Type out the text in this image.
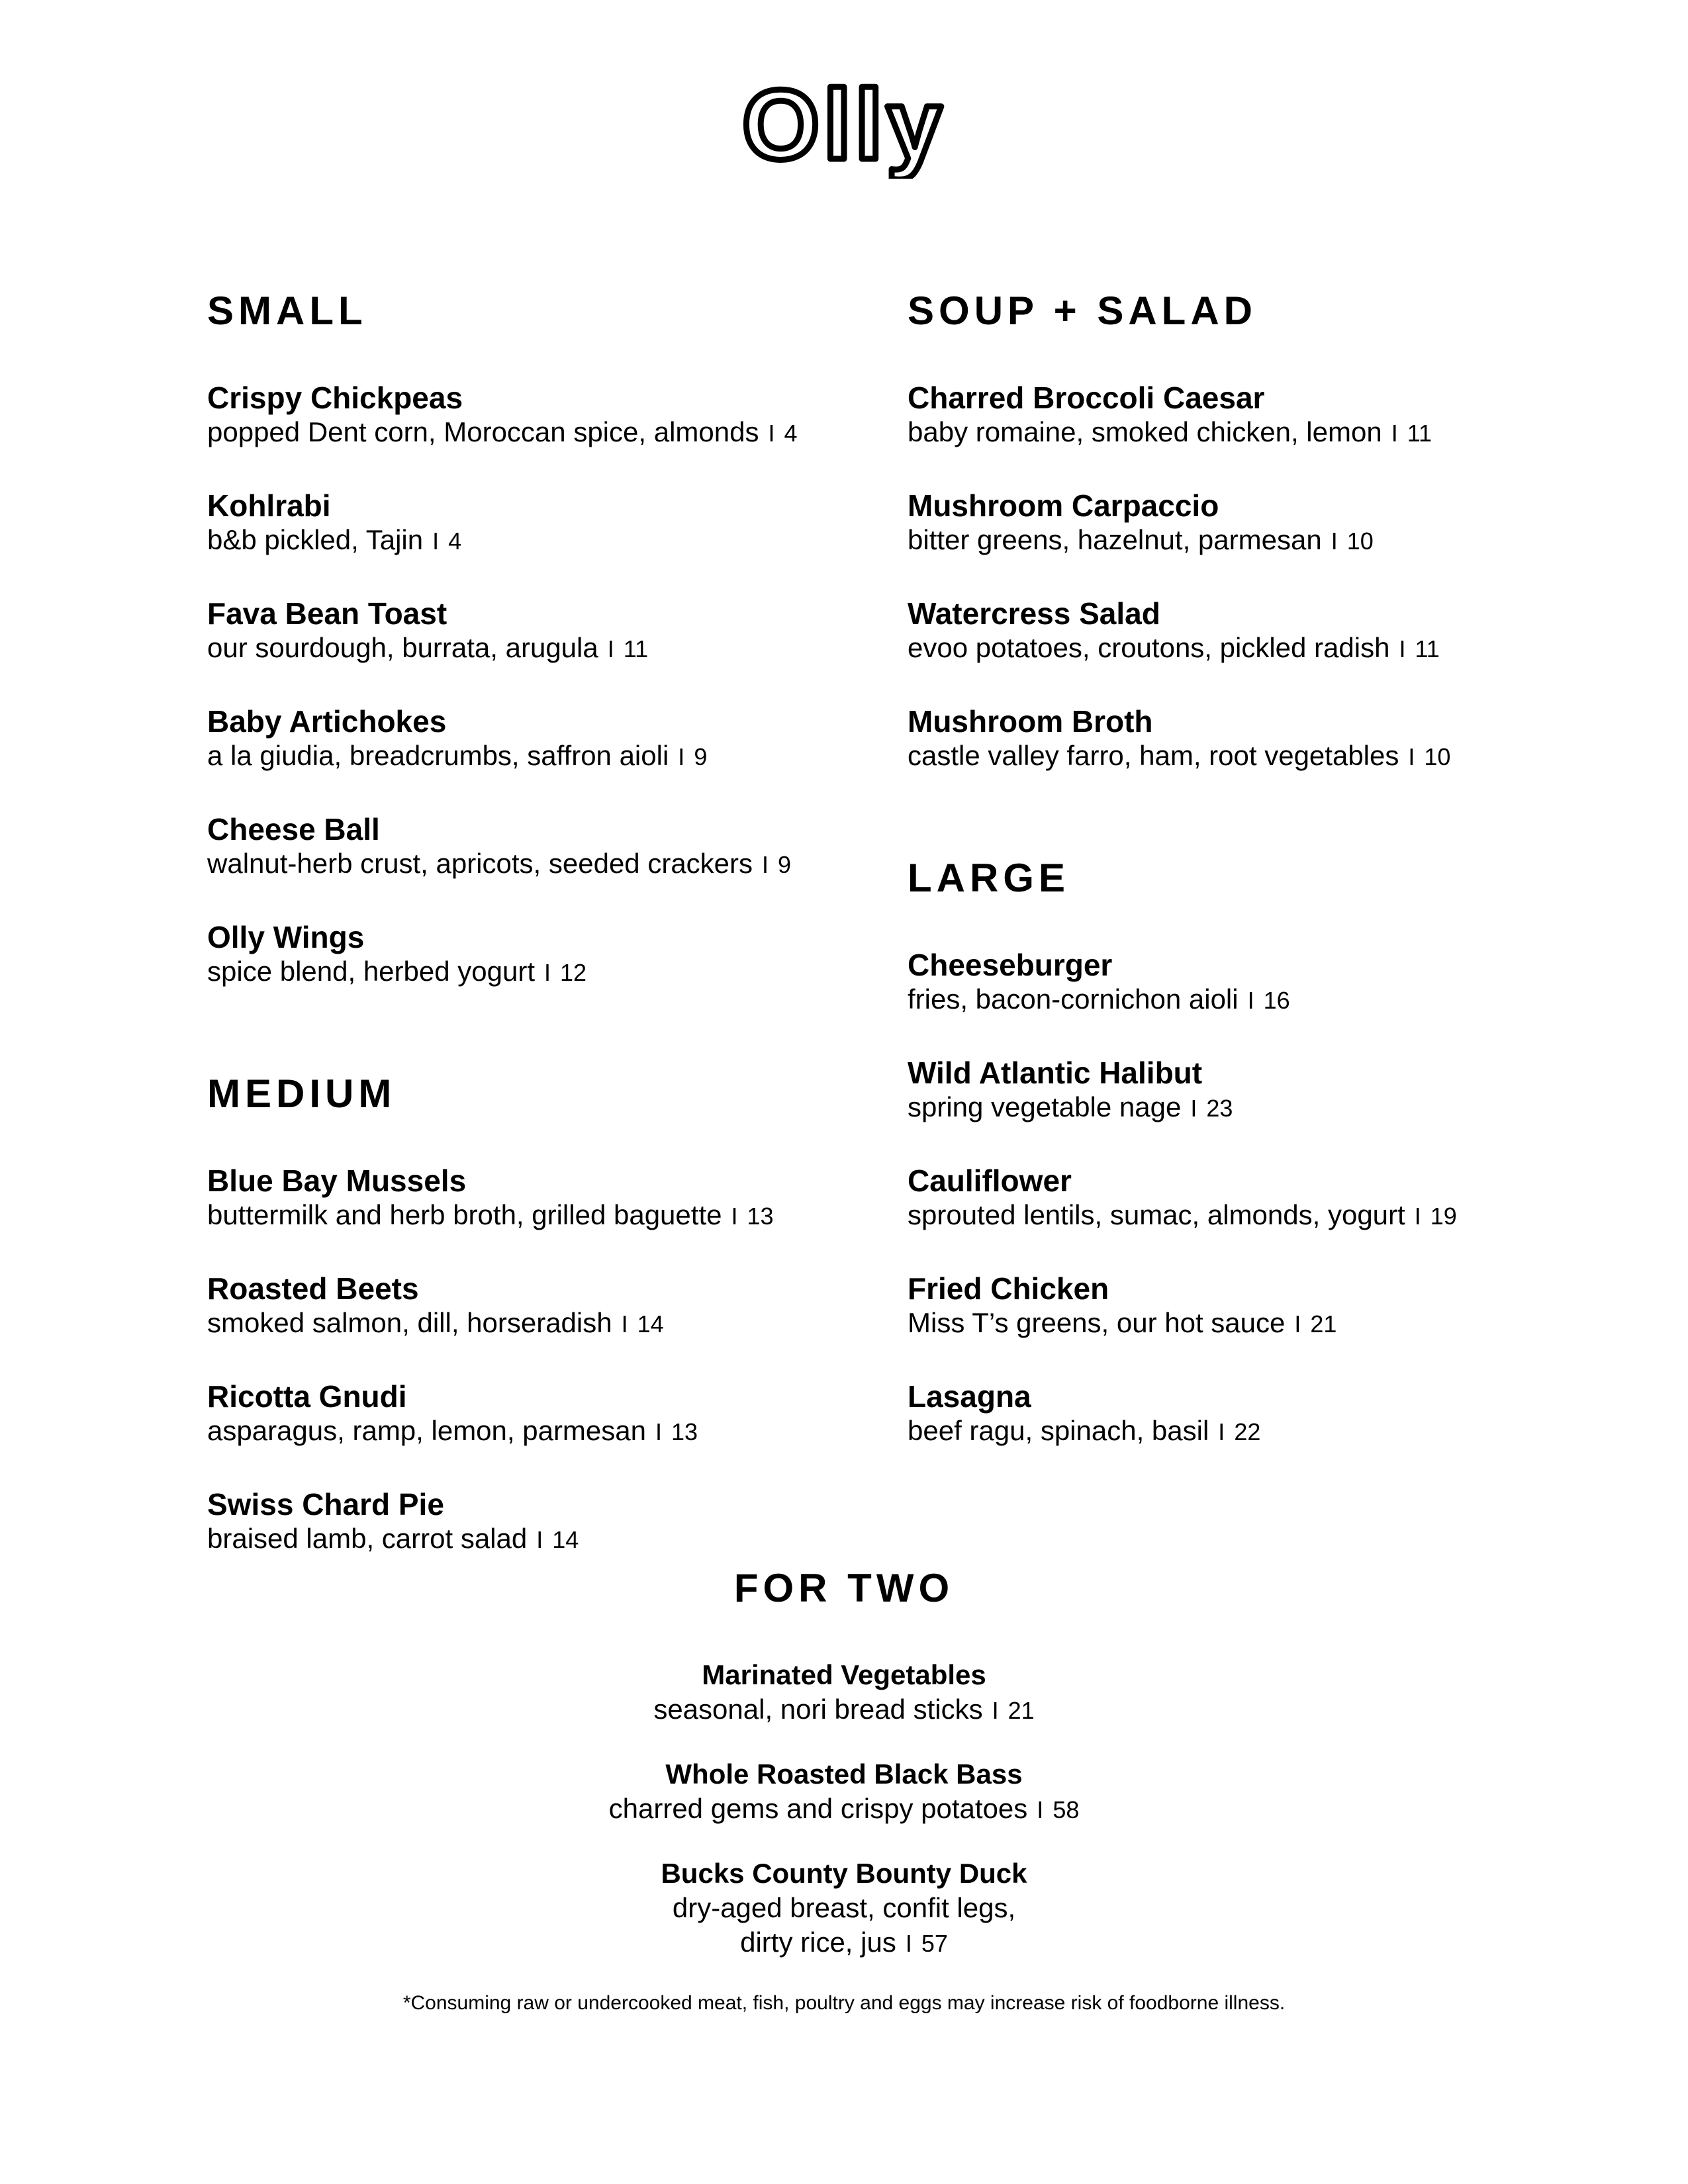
Olly
SMALL
Crispy Chickpeas
popped Dent corn, Moroccan spice, almonds I 4
Kohlrabi
b&b pickled, Tajin I 4
Fava Bean Toast
our sourdough, burrata, arugula I 11
Baby Artichokes
a la giudia, breadcrumbs, saffron aioli I 9
Cheese Ball
walnut-herb crust, apricots, seeded crackers I 9
Olly Wings
spice blend, herbed yogurt I 12
MEDIUM
Blue Bay Mussels
buttermilk and herb broth, grilled baguette I 13
Roasted Beets
smoked salmon, dill, horseradish I 14
Ricotta Gnudi
asparagus, ramp, lemon, parmesan I 13
Swiss Chard Pie
braised lamb, carrot salad I 14
SOUP + SALAD
Charred Broccoli Caesar
baby romaine, smoked chicken, lemon I 11
Mushroom Carpaccio
bitter greens, hazelnut, parmesan I 10
Watercress Salad
evoo potatoes, croutons, pickled radish I 11
Mushroom Broth
castle valley farro, ham, root vegetables I 10
LARGE
Cheeseburger
fries, bacon-cornichon aioli I 16
Wild Atlantic Halibut
spring vegetable nage I 23
Cauliflower
sprouted lentils, sumac, almonds, yogurt I 19
Fried Chicken
Miss T’s greens, our hot sauce I 21
Lasagna
beef ragu, spinach, basil I 22
FOR TWO
Marinated Vegetables
seasonal, nori bread sticks I 21
Whole Roasted Black Bass
charred gems and crispy potatoes I 58
Bucks County Bounty Duck
dry-aged breast, confit legs,
dirty rice, jus I 57
*Consuming raw or undercooked meat, fish, poultry and eggs may increase risk of foodborne illness.
